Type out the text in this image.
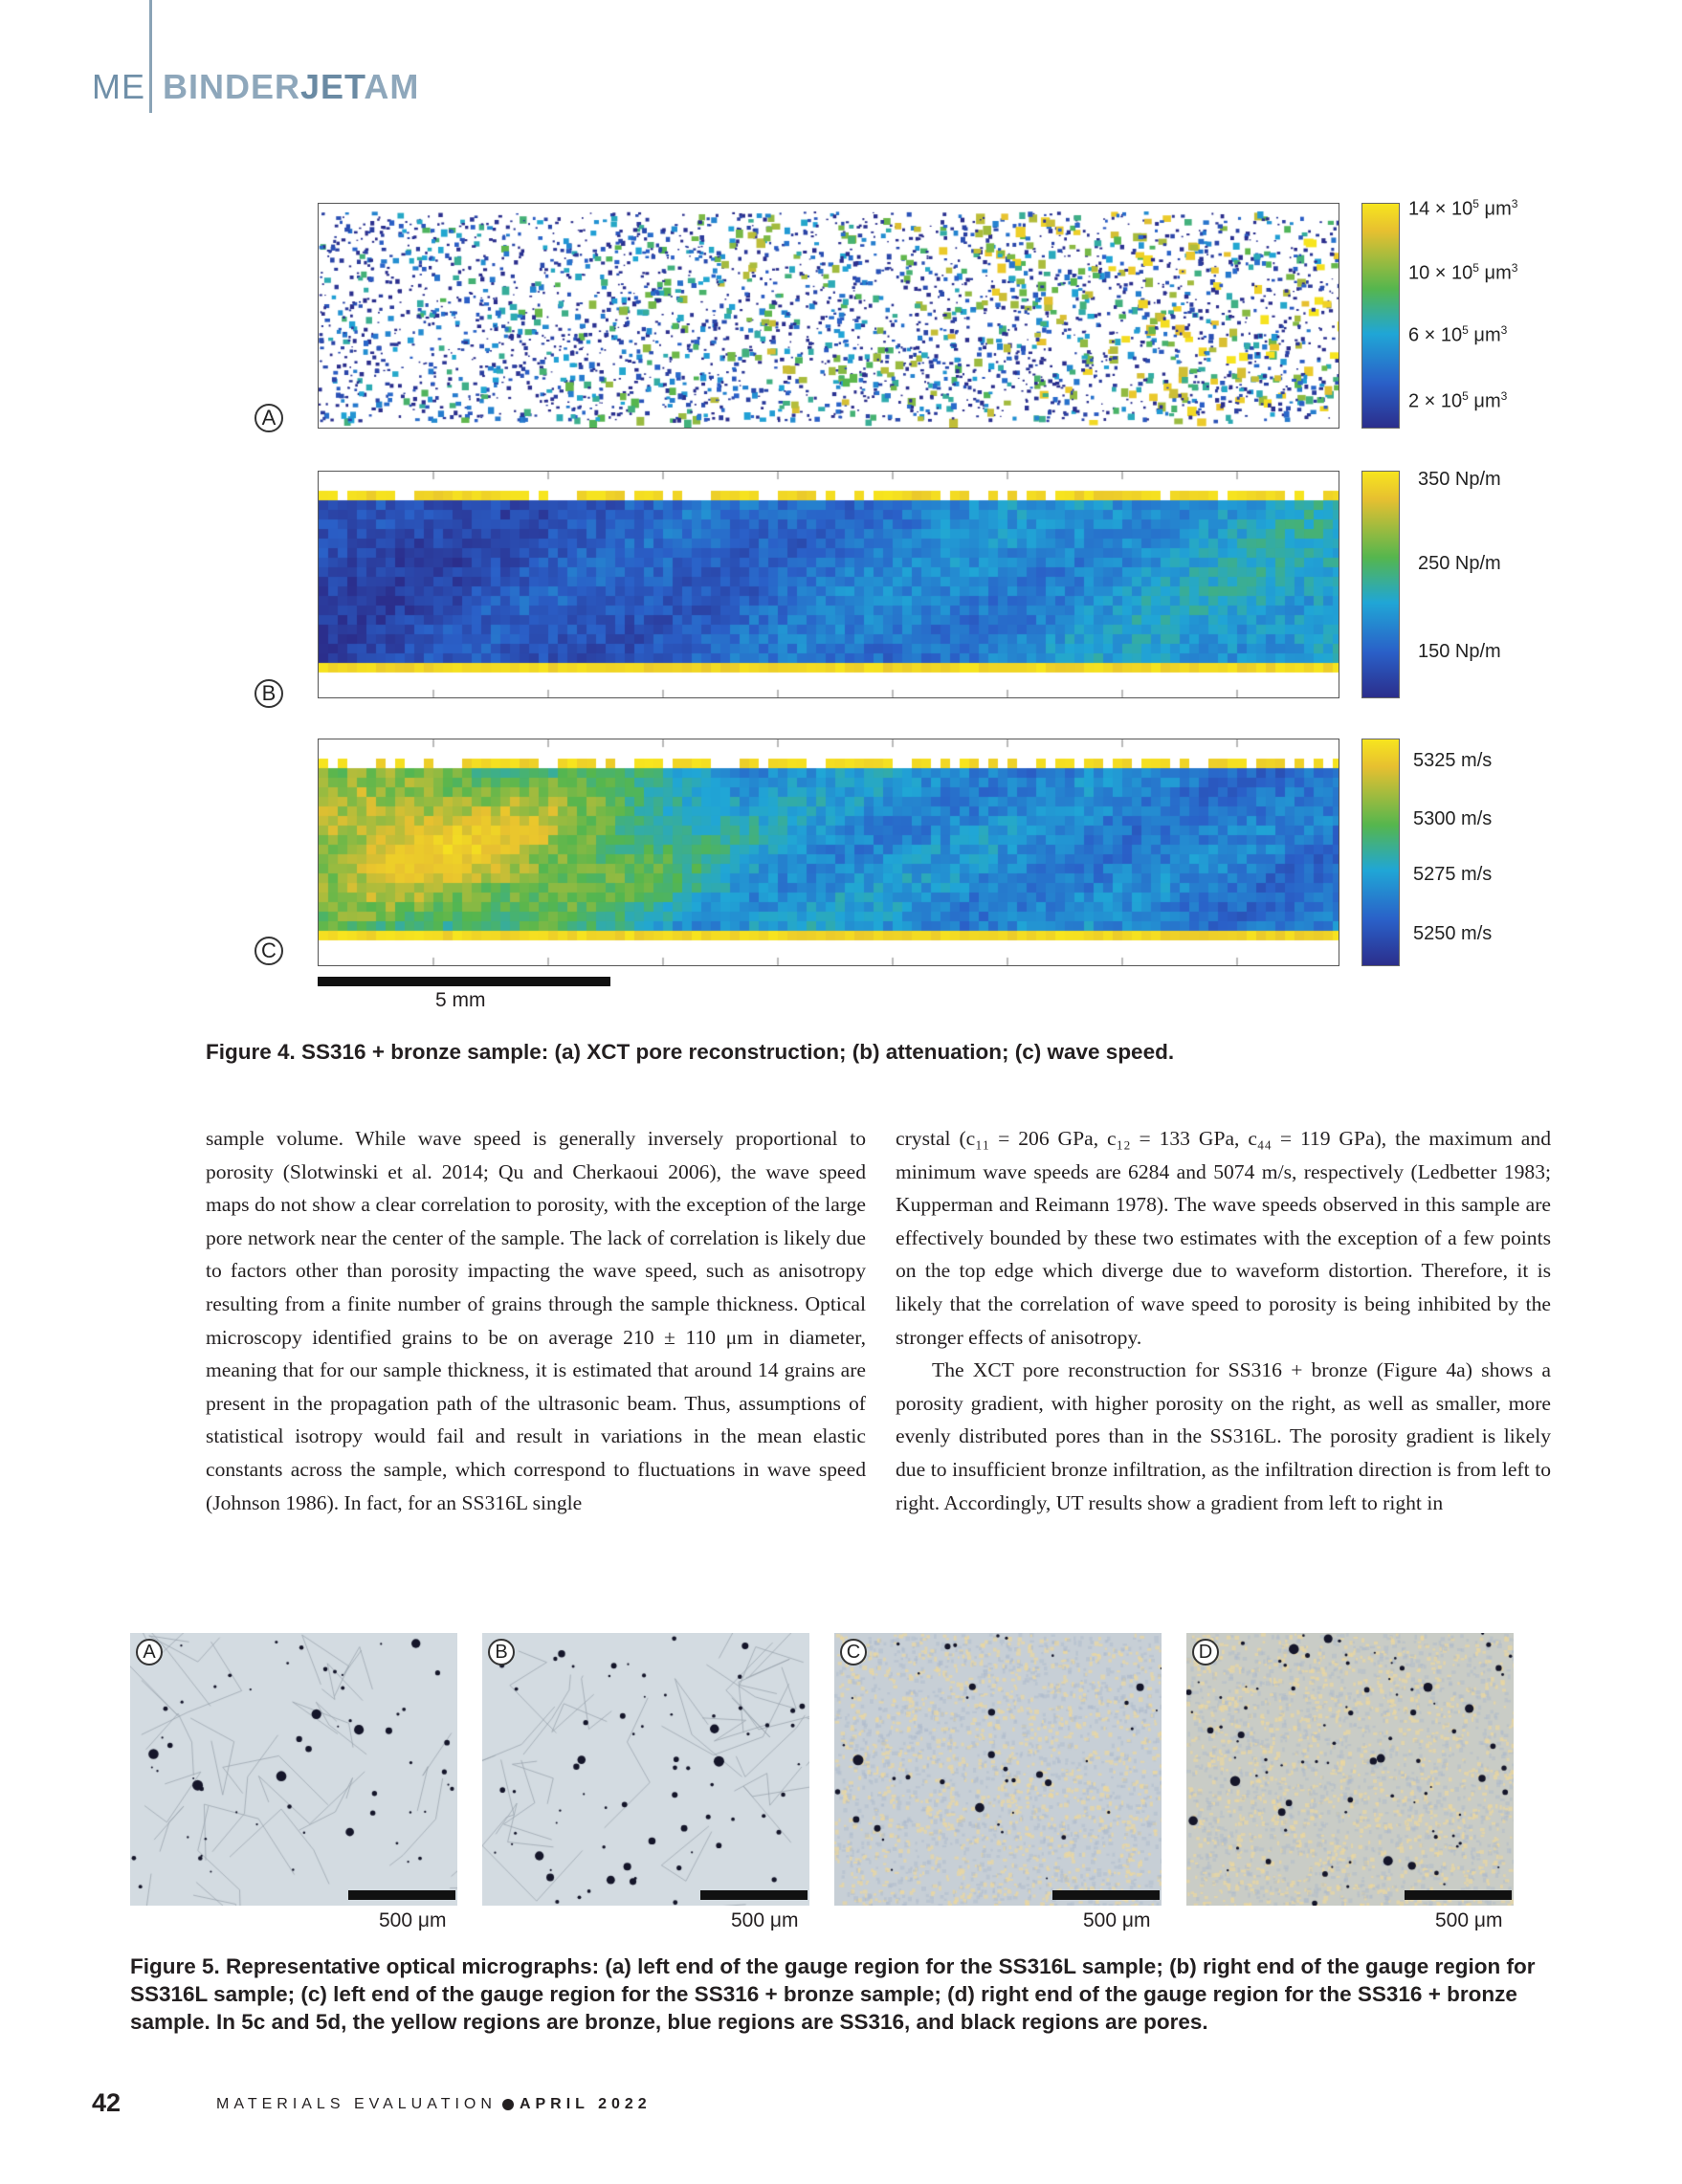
ME BINDERJETAM
A
$14 \times 10^5$ $\mu m^3$
$10 \times 10^5$ $\mu m^3$
$6 \times 10^5$ $\mu m^3$
$2 \times 10^5$ $\mu m^3$
B
350 Np/m
250 Np/m
150 Np/m
C
5325 m/s
5300 m/s
5275 m/s
5250 m/s
5 mm
Figure 4. SS316 + bronze sample: (a) XCT pore reconstruction; (b) attenuation; (c) wave speed.

sample volume. While wave speed is generally inversely proportional to porosity (Slotwinski et al. 2014; Qu and Cherkaoui 2006), the wave speed maps do not show a clear correlation to porosity, with the exception of the large pore network near the center of the sample. The lack of correlation is likely due to factors other than porosity impacting the wave speed, such as anisotropy resulting from a finite number of grains through the sample thickness. Optical microscopy identified grains to be on average 210 ± 110 μm in diameter, meaning that for our sample thickness, it is estimated that around 14 grains are present in the propagation path of the ultrasonic beam. Thus, assumptions of statistical isotropy would fail and result in variations in the mean elastic constants across the sample, which correspond to fluctuations in wave speed (Johnson 1986). In fact, for an SS316L single

crystal (c₁₁ = 206 GPa, c₁₂ = 133 GPa, c₄₄ = 119 GPa), the maximum and minimum wave speeds are 6284 and 5074 m/s, respectively (Ledbetter 1983; Kupperman and Reimann 1978). The wave speeds observed in this sample are effectively bounded by these two estimates with the exception of a few points on the top edge which diverge due to waveform distortion. Therefore, it is likely that the correlation of wave speed to porosity is being inhibited by the stronger effects of anisotropy.

The XCT pore reconstruction for SS316 + bronze (Figure 4a) shows a porosity gradient, with higher porosity on the right, as well as smaller, more evenly distributed pores than in the SS316L. The porosity gradient is likely due to insufficient bronze infiltration, as the infiltration direction is from left to right. Accordingly, UT results show a gradient from left to right in

A	B	C	D
500 μm	500 μm	500 μm	500 μm
Figure 5. Representative optical micrographs: (a) left end of the gauge region for the SS316L sample; (b) right end of the gauge region for SS316L sample; (c) left end of the gauge region for the SS316 + bronze sample; (d) right end of the gauge region for the SS316 + bronze sample. In 5c and 5d, the yellow regions are bronze, blue regions are SS316, and black regions are pores.
42	MATERIALS EVALUATION APRIL 2022
